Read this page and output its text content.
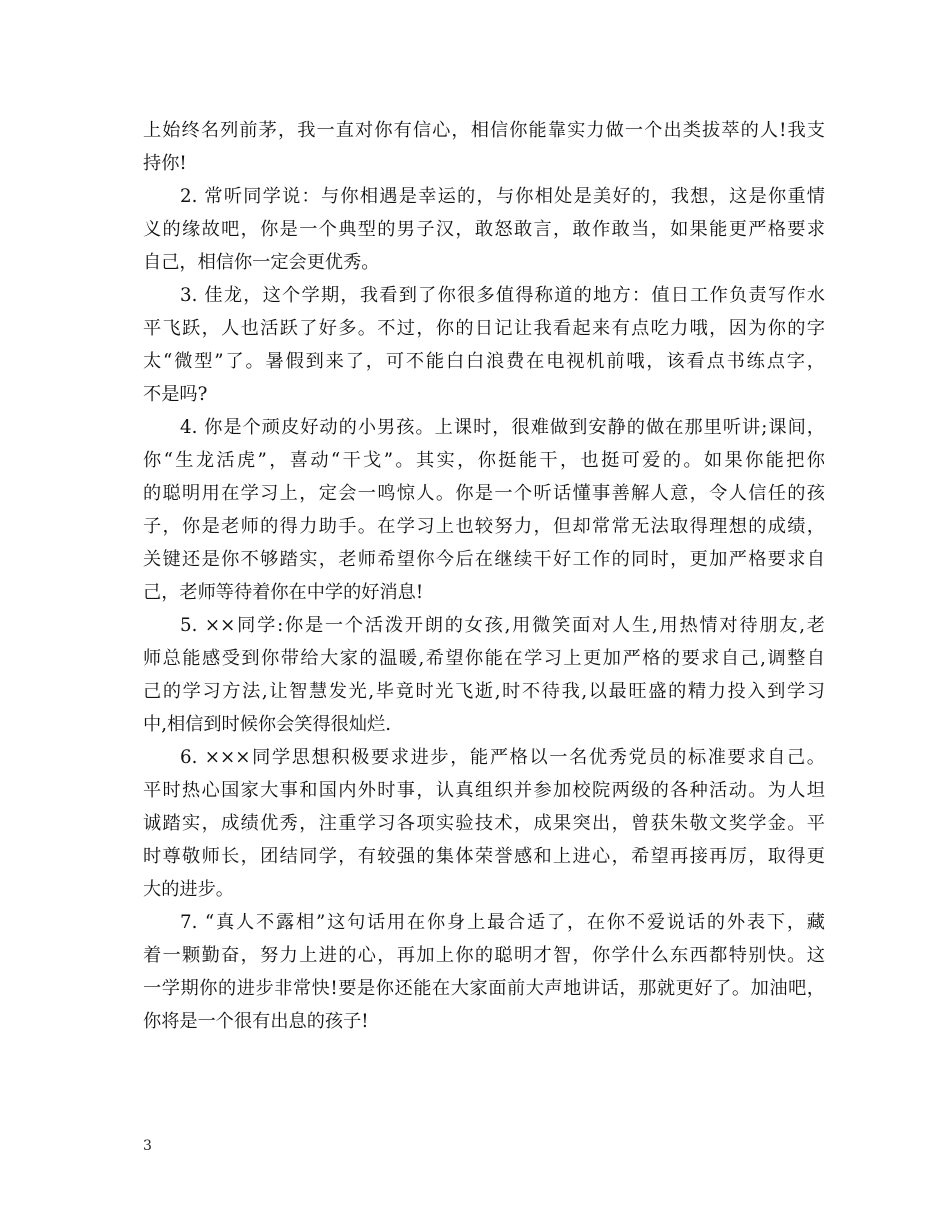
上始终名列前茅，我一直对你有信心，相信你能靠实力做一个出类拔萃的人!我支
持你!
2. 常听同学说：与你相遇是幸运的，与你相处是美好的，我想，这是你重情
义的缘故吧，你是一个典型的男子汉，敢怒敢言，敢作敢当，如果能更严格要求
自己，相信你一定会更优秀。
3. 佳龙，这个学期，我看到了你很多值得称道的地方：值日工作负责写作水
平飞跃，人也活跃了好多。不过，你的日记让我看起来有点吃力哦，因为你的字
太“微型”了。暑假到来了，可不能白白浪费在电视机前哦，该看点书练点字，
不是吗?
4. 你是个顽皮好动的小男孩。上课时，很难做到安静的做在那里听讲;课间，
你“生龙活虎”，喜动“干戈”。其实，你挺能干，也挺可爱的。如果你能把你
的聪明用在学习上，定会一鸣惊人。你是一个听话懂事善解人意，令人信任的孩
子，你是老师的得力助手。在学习上也较努力，但却常常无法取得理想的成绩，
关键还是你不够踏实，老师希望你今后在继续干好工作的同时，更加严格要求自
己，老师等待着你在中学的好消息!
5. ××同学:你是一个活泼开朗的女孩,用微笑面对人生,用热情对待朋友,老
师总能感受到你带给大家的温暖,希望你能在学习上更加严格的要求自己,调整自
己的学习方法,让智慧发光,毕竟时光飞逝,时不待我,以最旺盛的精力投入到学习
中,相信到时候你会笑得很灿烂.
6. ×××同学思想积极要求进步，能严格以一名优秀党员的标准要求自己。
平时热心国家大事和国内外时事，认真组织并参加校院两级的各种活动。为人坦
诚踏实，成绩优秀，注重学习各项实验技术，成果突出，曾获朱敬文奖学金。平
时尊敬师长，团结同学，有较强的集体荣誉感和上进心，希望再接再厉，取得更
大的进步。
7. “真人不露相”这句话用在你身上最合适了，在你不爱说话的外表下，藏
着一颗勤奋，努力上进的心，再加上你的聪明才智，你学什么东西都特别快。这
一学期你的进步非常快!要是你还能在大家面前大声地讲话，那就更好了。加油吧，
你将是一个很有出息的孩子!
3
